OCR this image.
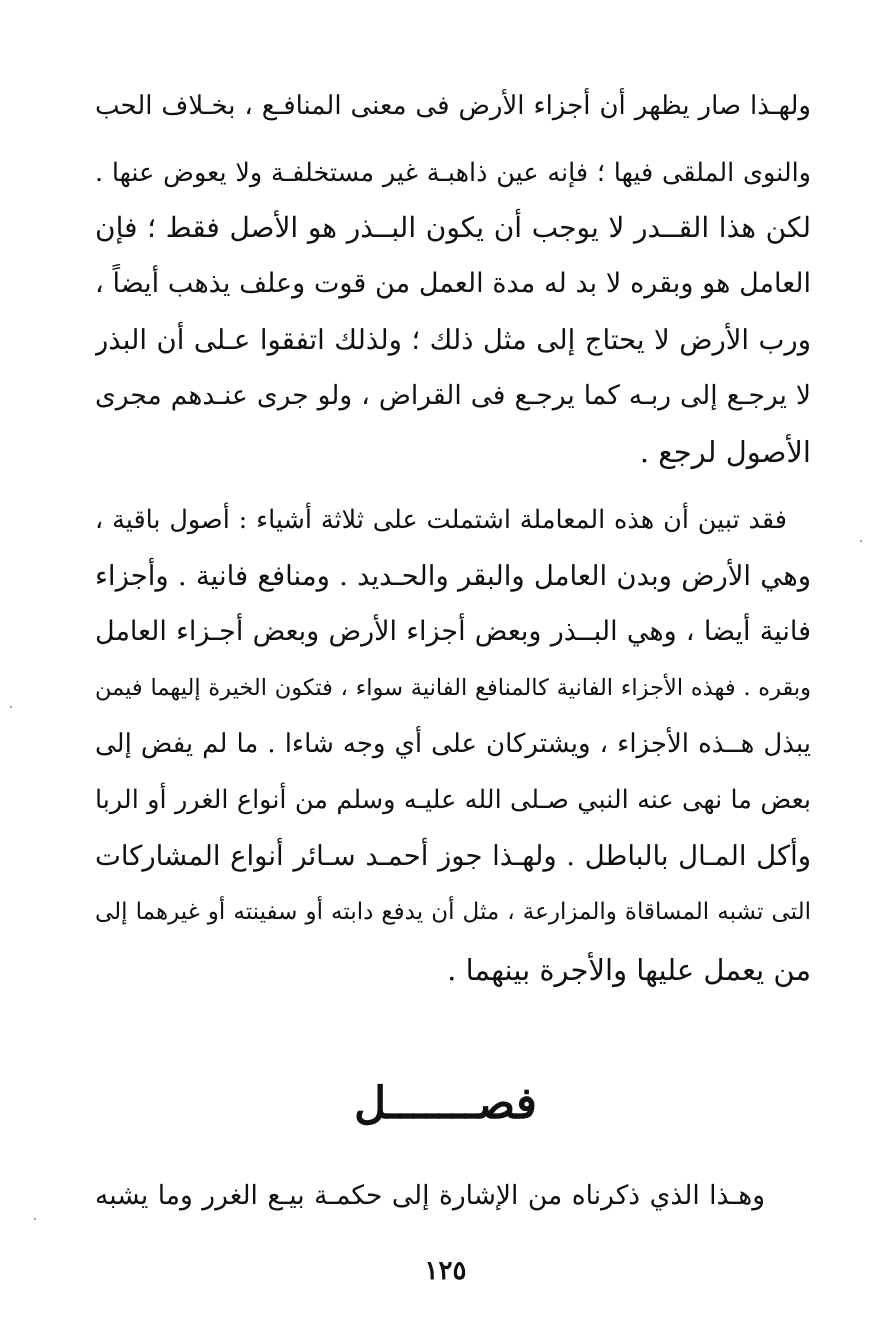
ولهـذا صار يظهر أن أجزاء الأرض فى معنى المنافـع ، بخـلاف الحب
والنوى الملقى فيها ؛ فإنه عين ذاهبـة غير مستخلفـة ولا يعوض عنها .
لكن هذا القــدر لا يوجب أن يكون البــذر هو الأصل فقط ؛ فإن
العامل هو وبقره لا بد له مدة العمل من قوت وعلف يذهب أيضاً ،
ورب الأرض لا يحتاج إلى مثل ذلك ؛ ولذلك اتفقوا عـلى أن البذر
لا يرجـع إلى ربـه كما يرجـع فى القراض ، ولو جرى عنـدهم مجرى
الأصول لرجع .
فقد تبين أن هذه المعاملة اشتملت على ثلاثة أشياء : أصول باقية ،
وهي الأرض وبدن العامل والبقر والحـديد . ومنافع فانية . وأجزاء
فانية أيضا ، وهي البــذر وبعض أجزاء الأرض وبعض أجـزاء العامل
وبقره . فهذه الأجزاء الفانية كالمنافع الفانية سواء ، فتكون الخيرة إليهما فيمن
يبذل هــذه الأجزاء ، ويشتركان على أي وجه شاءا . ما لم يفض إلى
بعض ما نهى عنه النبي صـلى الله عليـه وسلم من أنواع الغرر أو الربا
وأكل المـال بالباطل . ولهـذا جوز أحمـد سـائر أنواع المشاركات
التى تشبه المساقاة والمزارعة ، مثل أن يدفع دابته أو سفينته أو غيرهما إلى
من يعمل عليها والأجرة بينهما .
فصـــــــل
وهـذا الذي ذكرناه من الإشارة إلى حكمـة بيـع الغرر وما يشبه
١٢٥
